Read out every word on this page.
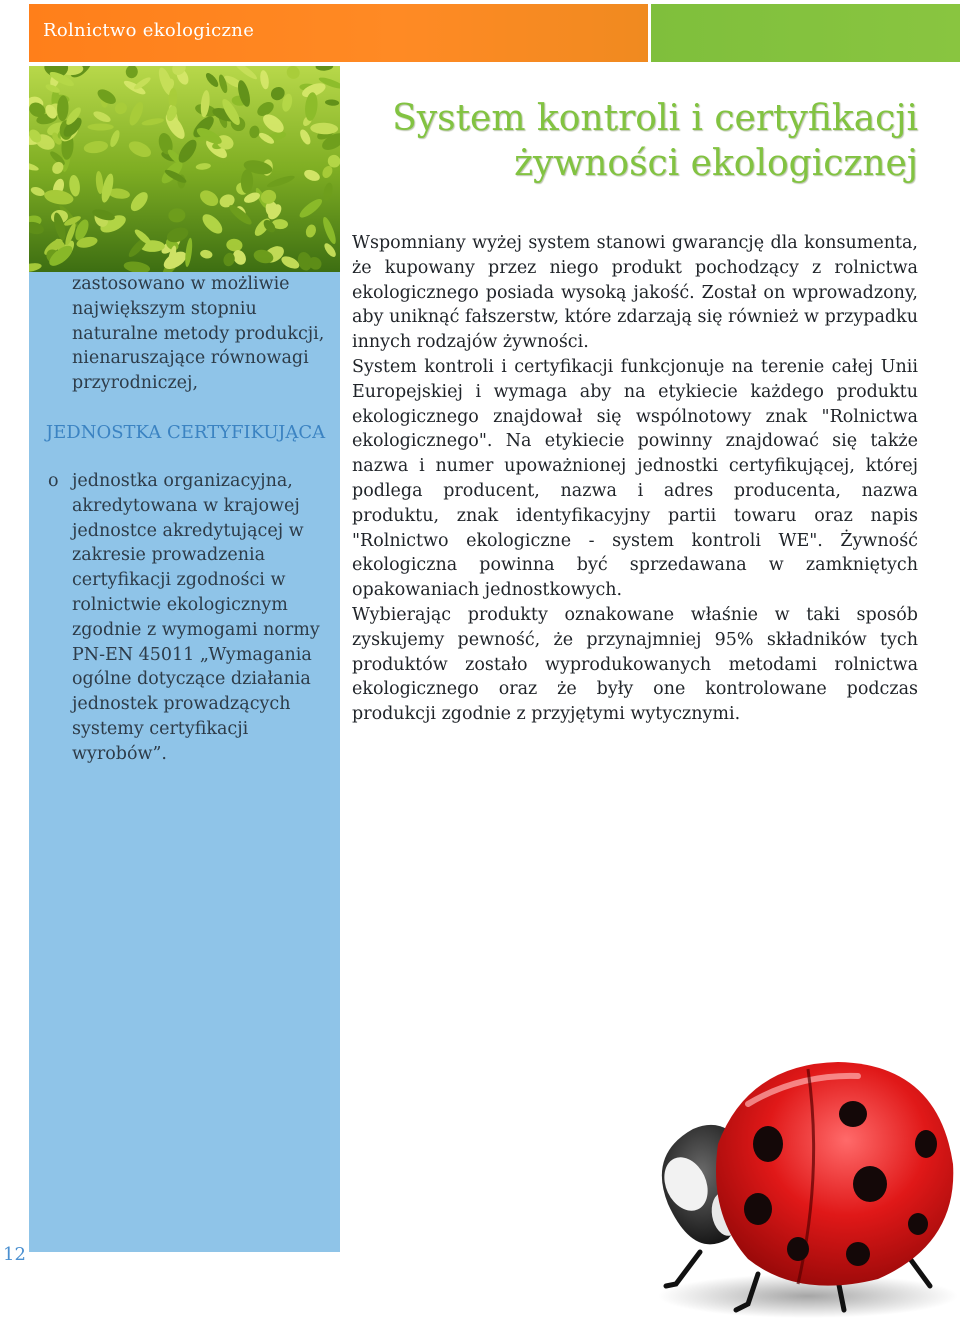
Rolnictwo ekologiczne

zastosowano w możliwie największym stopniu naturalne metody produkcji, nienaruszające równowagi przyrodniczej,

JEDNOSTKA CERTYFIKUJĄCA
o jednostka organizacyjna, akredytowana w krajowej jednostce akredytującej w zakresie prowadzenia certyfikacji zgodności w rolnictwie ekologicznym zgodnie z wymogami normy PN-EN 45011 „Wymagania ogólne dotyczące działania jednostek prowadzących systemy certyfikacji wyrobów”.
12
System kontroli i certyfikacji
żywności ekologicznej

Wspomniany wyżej system stanowi gwarancję dla konsumenta, że kupowany przez niego produkt pochodzący z rolnictwa ekologicznego posiada wysoką jakość. Został on wprowadzony, aby uniknąć fałszerstw, które zdarzają się również w przypadku innych rodzajów żywności.

System kontroli i certyfikacji funkcjonuje na terenie całej Unii Europejskiej i wymaga aby na etykiecie każdego produktu ekologicznego znajdował się wspólnotowy znak "Rolnictwa ekologicznego". Na etykiecie powinny znajdować się także nazwa i numer upoważnionej jednostki certyfikującej, której podlega producent, nazwa i adres producenta, nazwa produktu, znak identyfikacyjny partii towaru oraz napis "Rolnictwo ekologiczne - system kontroli WE". Żywność ekologiczna powinna być sprzedawana w zamkniętych opakowaniach jednostkowych.

Wybierając produkty oznakowane właśnie w taki sposób zyskujemy pewność, że przynajmniej 95% składników tych produktów zostało wyprodukowanych metodami rolnictwa ekologicznego oraz że były one kontrolowane podczas produkcji zgodnie z przyjętymi wytycznymi.
